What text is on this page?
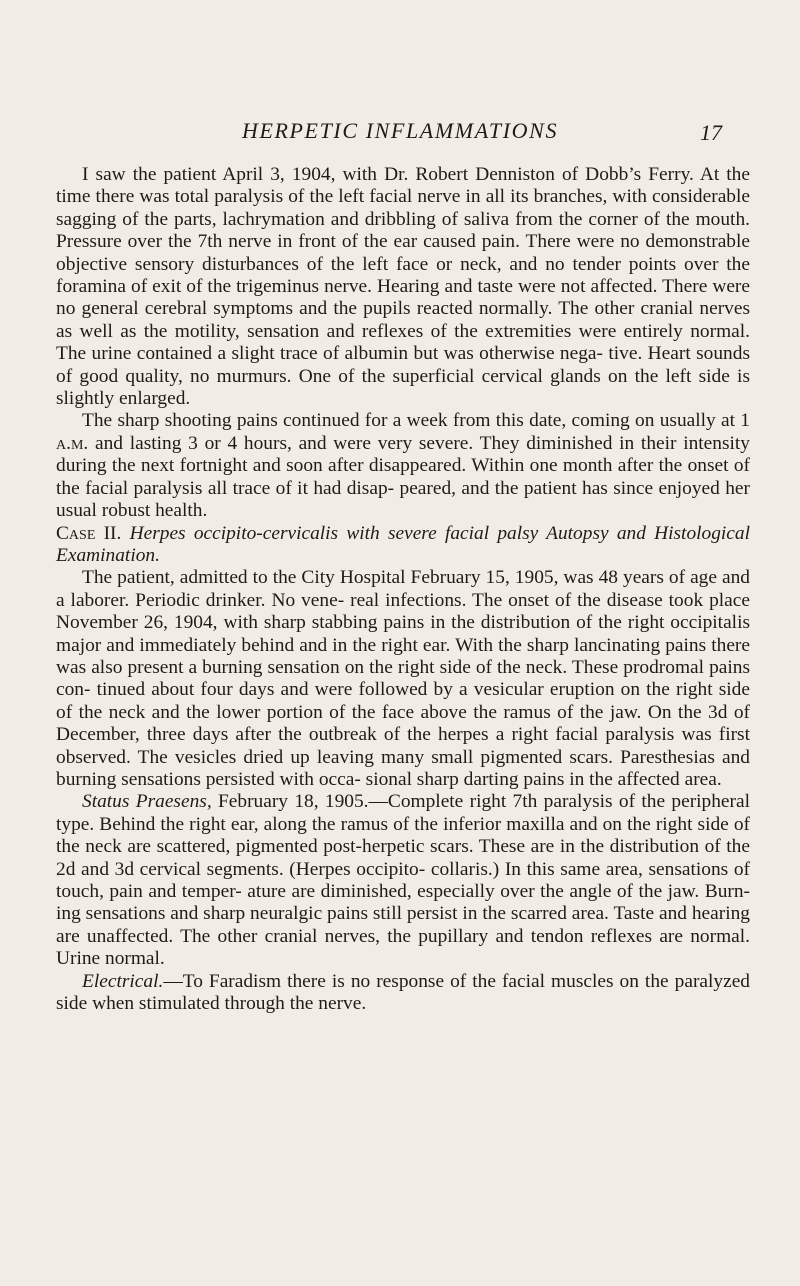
HERPETIC INFLAMMATIONS	17

I saw the patient April 3, 1904, with Dr. Robert Denniston of Dobb’s Ferry. At the time there was total paralysis of the left facial nerve in all its branches, with considerable sagging of the parts, lachrymation and dribbling of saliva from the corner of the mouth. Pressure over the 7th nerve in front of the ear caused pain. There were no demonstrable objective sensory disturbances of the left face or neck, and no tender points over the foramina of exit of the trigeminus nerve. Hearing and taste were not affected. There were no general cerebral symptoms and the pupils reacted normally. The other cranial nerves as well as the motility, sensation and reflexes of the extremities were entirely normal. The urine contained a slight trace of albumin but was otherwise nega- tive. Heart sounds of good quality, no murmurs. One of the superficial cervical glands on the left side is slightly enlarged.

The sharp shooting pains continued for a week from this date, coming on usually at 1 a.m. and lasting 3 or 4 hours, and were very severe. They diminished in their intensity during the next fortnight and soon after disappeared. Within one month after the onset of the facial paralysis all trace of it had disap- peared, and the patient has since enjoyed her usual robust health.

Case II. Herpes occipito-cervicalis with severe facial palsy Autopsy and Histological Examination.

The patient, admitted to the City Hospital February 15, 1905, was 48 years of age and a laborer. Periodic drinker. No vene- real infections. The onset of the disease took place November 26, 1904, with sharp stabbing pains in the distribution of the right occipitalis major and immediately behind and in the right ear. With the sharp lancinating pains there was also present a burning sensation on the right side of the neck. These prodromal pains con- tinued about four days and were followed by a vesicular eruption on the right side of the neck and the lower portion of the face above the ramus of the jaw. On the 3d of December, three days after the outbreak of the herpes a right facial paralysis was first observed. The vesicles dried up leaving many small pigmented scars. Paresthesias and burning sensations persisted with occa- sional sharp darting pains in the affected area.

Status Praesens, February 18, 1905.—Complete right 7th paralysis of the peripheral type. Behind the right ear, along the ramus of the inferior maxilla and on the right side of the neck are scattered, pigmented post-herpetic scars. These are in the distribution of the 2d and 3d cervical segments. (Herpes occipito- collaris.) In this same area, sensations of touch, pain and temper- ature are diminished, especially over the angle of the jaw. Burn- ing sensations and sharp neuralgic pains still persist in the scarred area. Taste and hearing are unaffected. The other cranial nerves, the pupillary and tendon reflexes are normal. Urine normal.

Electrical.—To Faradism there is no response of the facial muscles on the paralyzed side when stimulated through the nerve.
